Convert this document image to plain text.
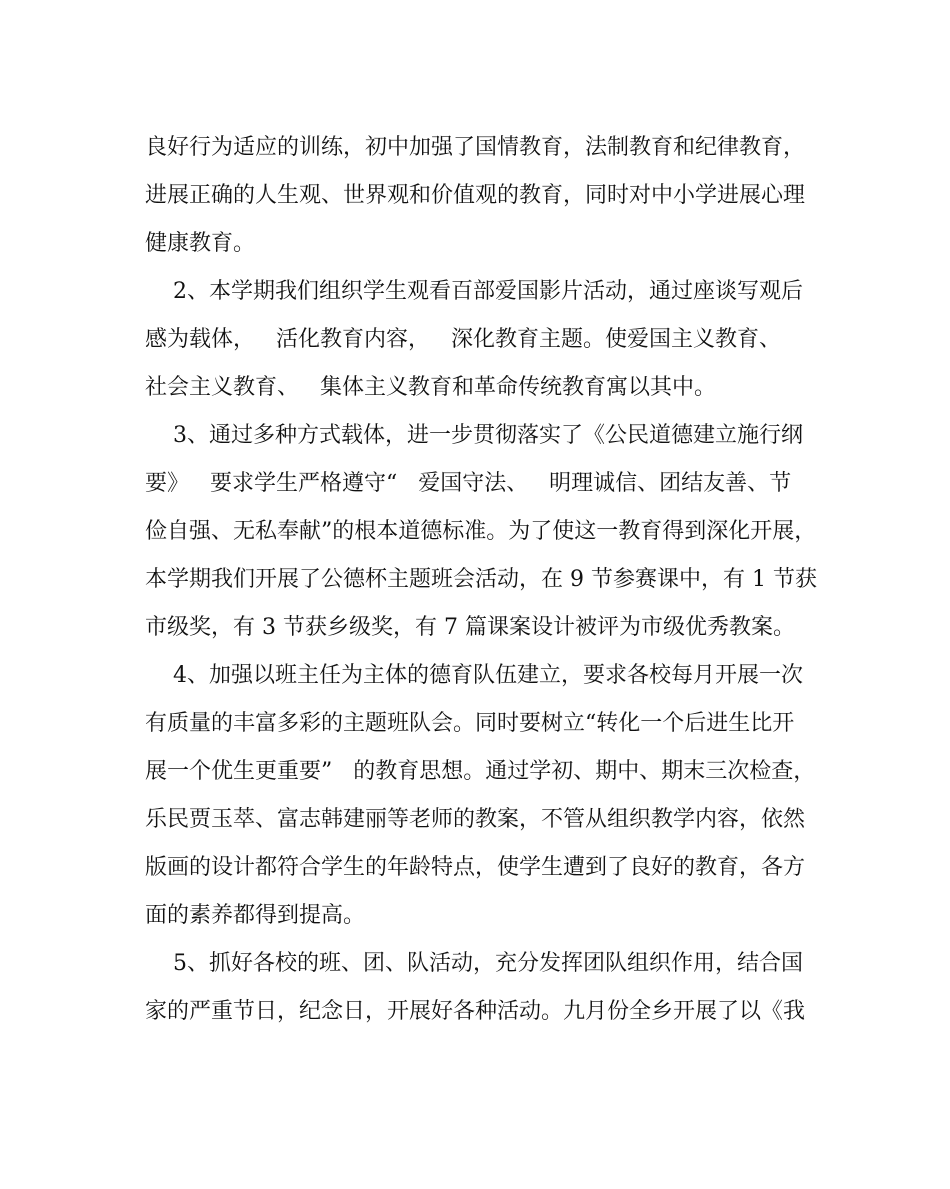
良好行为适应的训练，初中加强了国情教育，法制教育和纪律教育，

进展正确的人生观、世界观和价值观的教育，同时对中小学进展心理

健康教育。

2、本学期我们组织学生观看百部爱国影片活动，通过座谈写观后

感为载体，   活化教育内容，   深化教育主题。使爱国主义教育、

社会主义教育、   集体主义教育和革命传统教育寓以其中。

3、通过多种方式载体，进一步贯彻落实了《公民道德建立施行纲

要》   要求学生严格遵守“   爱国守法、   明理诚信、团结友善、节

俭自强、无私奉献”的根本道德标准。为了使这一教育得到深化开展，

本学期我们开展了公德杯主题班会活动，在 9 节参赛课中，有 1 节获

市级奖，有 3 节获乡级奖，有 7 篇课案设计被评为市级优秀教案。

4、加强以班主任为主体的德育队伍建立，要求各校每月开展一次

有质量的丰富多彩的主题班队会。同时要树立“转化一个后进生比开

展一个优生更重要”   的教育思想。通过学初、期中、期末三次检查，

乐民贾玉萃、富志韩建丽等老师的教案，不管从组织教学内容，依然

版画的设计都符合学生的年龄特点，使学生遭到了良好的教育，各方

面的素养都得到提高。

5、抓好各校的班、团、队活动，充分发挥团队组织作用，结合国

家的严重节日，纪念日，开展好各种活动。九月份全乡开展了以《我
